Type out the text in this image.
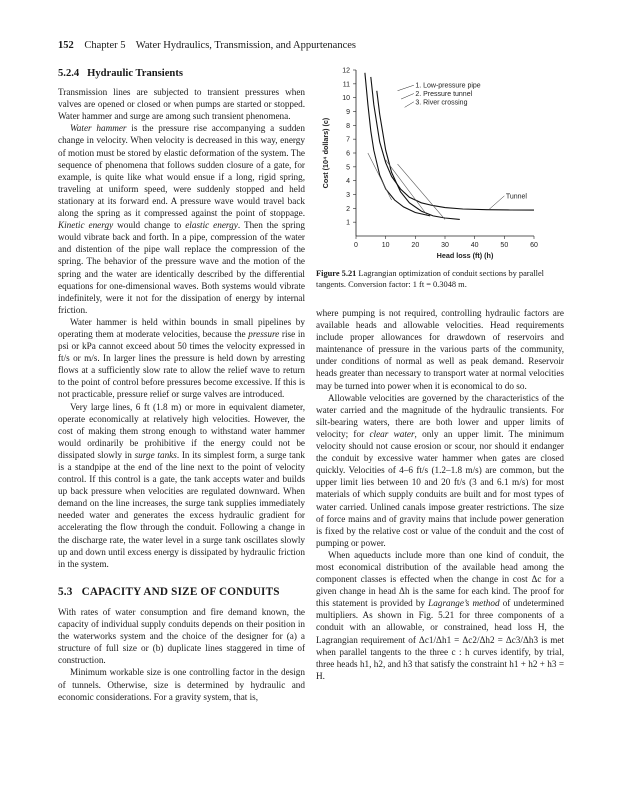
152 Chapter 5    Water Hydraulics, Transmission, and Appurtenances
5.2.4   Hydraulic Transients

Transmission lines are subjected to transient pressures when valves are opened or closed or when pumps are started or stopped. Water hammer and surge are among such transient phenomena.

Water hammer is the pressure rise accompanying a sudden change in velocity. When velocity is decreased in this way, energy of motion must be stored by elastic deformation of the system. The sequence of phenomena that follows sudden closure of a gate, for example, is quite like what would ensue if a long, rigid spring, traveling at uniform speed, were suddenly stopped and held stationary at its forward end. A pressure wave would travel back along the spring as it compressed against the point of stoppage. Kinetic energy would change to elastic energy. Then the spring would vibrate back and forth. In a pipe, compression of the water and distention of the pipe wall replace the compression of the spring. The behavior of the pressure wave and the motion of the spring and the water are identically described by the differential equations for one-dimensional waves. Both systems would vibrate indefinitely, were it not for the dissipation of energy by internal friction.

Water hammer is held within bounds in small pipelines by operating them at moderate velocities, because the pressure rise in psi or kPa cannot exceed about 50 times the velocity expressed in ft/s or m/s. In larger lines the pressure is held down by arresting flows at a sufficiently slow rate to allow the relief wave to return to the point of control before pressures become excessive. If this is not practicable, pressure relief or surge valves are introduced.

Very large lines, 6 ft (1.8 m) or more in equivalent diameter, operate economically at relatively high velocities. However, the cost of making them strong enough to withstand water hammer would ordinarily be prohibitive if the energy could not be dissipated slowly in surge tanks. In its simplest form, a surge tank is a standpipe at the end of the line next to the point of velocity control. If this control is a gate, the tank accepts water and builds up back pressure when velocities are regulated downward. When demand on the line increases, the surge tank supplies immediately needed water and generates the excess hydraulic gradient for accelerating the flow through the conduit. Following a change in the discharge rate, the water level in a surge tank oscillates slowly up and down until excess energy is dissipated by hydraulic friction in the system.

5.3   CAPACITY AND SIZE OF CONDUITS

With rates of water consumption and fire demand known, the capacity of individual supply conduits depends on their position in the waterworks system and the choice of the designer for (a) a structure of full size or (b) duplicate lines staggered in time of construction.

Minimum workable size is one controlling factor in the design of tunnels. Otherwise, size is determined by hydraulic and economic considerations. For a gravity system, that is,

1
2
3
4
5
6
7
8
9
10
11
12
0	10	20	30	40	50	60
Head loss (ft) (h)
Cost (10⁴ dollars) (c)
1. Low-pressure pipe
2. Pressure tunnel
3. River crossing
Tunnel
Figure 5.21 Lagrangian optimization of conduit sections by parallel tangents. Conversion factor: 1 ft = 0.3048 m.

where pumping is not required, controlling hydraulic factors are available heads and allowable velocities. Head requirements include proper allowances for drawdown of reservoirs and maintenance of pressure in the various parts of the community, under conditions of normal as well as peak demand. Reservoir heads greater than necessary to transport water at normal velocities may be turned into power when it is economical to do so.

Allowable velocities are governed by the characteristics of the water carried and the magnitude of the hydraulic transients. For silt-bearing waters, there are both lower and upper limits of velocity; for clear water, only an upper limit. The minimum velocity should not cause erosion or scour, nor should it endanger the conduit by excessive water hammer when gates are closed quickly. Velocities of 4–6 ft/s (1.2–1.8 m/s) are common, but the upper limit lies between 10 and 20 ft/s (3 and 6.1 m/s) for most materials of which supply conduits are built and for most types of water carried. Unlined canals impose greater restrictions. The size of force mains and of gravity mains that include power generation is fixed by the relative cost or value of the conduit and the cost of pumping or power.

When aqueducts include more than one kind of conduit, the most economical distribution of the available head among the component classes is effected when the change in cost Δc for a given change in head Δh is the same for each kind. The proof for this statement is provided by Lagrange’s method of undetermined multipliers. As shown in Fig. 5.21 for three components of a conduit with an allowable, or constrained, head loss H, the Lagrangian requirement of Δc1/Δh1 = Δc2/Δh2 = Δc3/Δh3 is met when parallel tangents to the three c : h curves identify, by trial, three heads h1, h2, and h3 that satisfy the constraint h1 + h2 + h3 = H.
